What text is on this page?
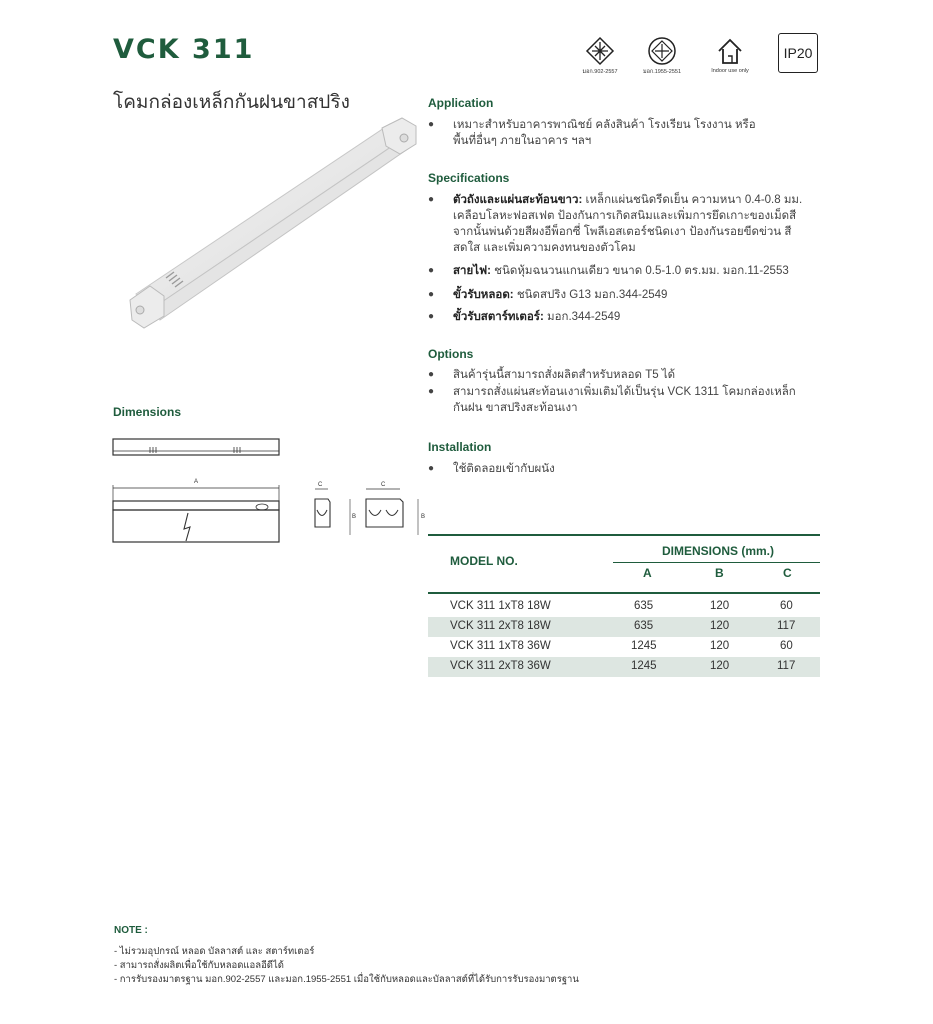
VCK 311
โคมกล่องเหล็กกันฝนขาสปริง
มอก.902-2557	มอก.1955-2551	Indoor use only
IP20
Application
● เหมาะสำหรับอาคารพาณิชย์ คลังสินค้า โรงเรียน โรงงาน หรือพื้นที่อื่นๆ ภายในอาคาร ฯลฯ
Specifications
● ตัวถังและแผ่นสะท้อนขาว: เหล็กแผ่นชนิดรีดเย็น ความหนา 0.4-0.8 มม. เคลือบโลหะฟอสเฟต ป้องกันการเกิดสนิมและเพิ่มการยึดเกาะของเม็ดสี จากนั้นพ่นด้วยสีผงอีพ็อกซี่ โพลีเอสเตอร์ชนิดเงา ป้องกันรอยขีดข่วน สีสดใส และเพิ่มความคงทนของตัวโคม
● สายไฟ: ชนิดหุ้มฉนวนแกนเดียว ขนาด 0.5-1.0 ตร.มม. มอก.11-2553
● ขั้วรับหลอด: ชนิดสปริง G13 มอก.344-2549
● ขั้วรับสตาร์ทเตอร์: มอก.344-2549
Options
● สินค้ารุ่นนี้สามารถสั่งผลิตสำหรับหลอด T5 ได้
● สามารถสั่งแผ่นสะท้อนเงาเพิ่มเติมได้เป็นรุ่น VCK 1311 โคมกล่องเหล็กกันฝน ขาสปริงสะท้อนเงา
Installation
● ใช้ติดลอยเข้ากับผนัง
Dimensions
A	C
B
C
B
MODEL NO.
DIMENSIONS (mm.)
A	B	C
VCK 311 1xT8 18W	635	120	60
VCK 311 2xT8 18W	635	120	117
VCK 311 1xT8 36W	1245	120	60
VCK 311 2xT8 36W	1245	120	117
NOTE :
- ไม่รวมอุปกรณ์ หลอด บัลลาสต์ และ สตาร์ทเตอร์
- สามารถสั่งผลิตเพื่อใช้กับหลอดแอลอีดีได้
- การรับรองมาตรฐาน มอก.902-2557 และมอก.1955-2551 เมื่อใช้กับหลอดและบัลลาสต์ที่ได้รับการรับรองมาตรฐาน
